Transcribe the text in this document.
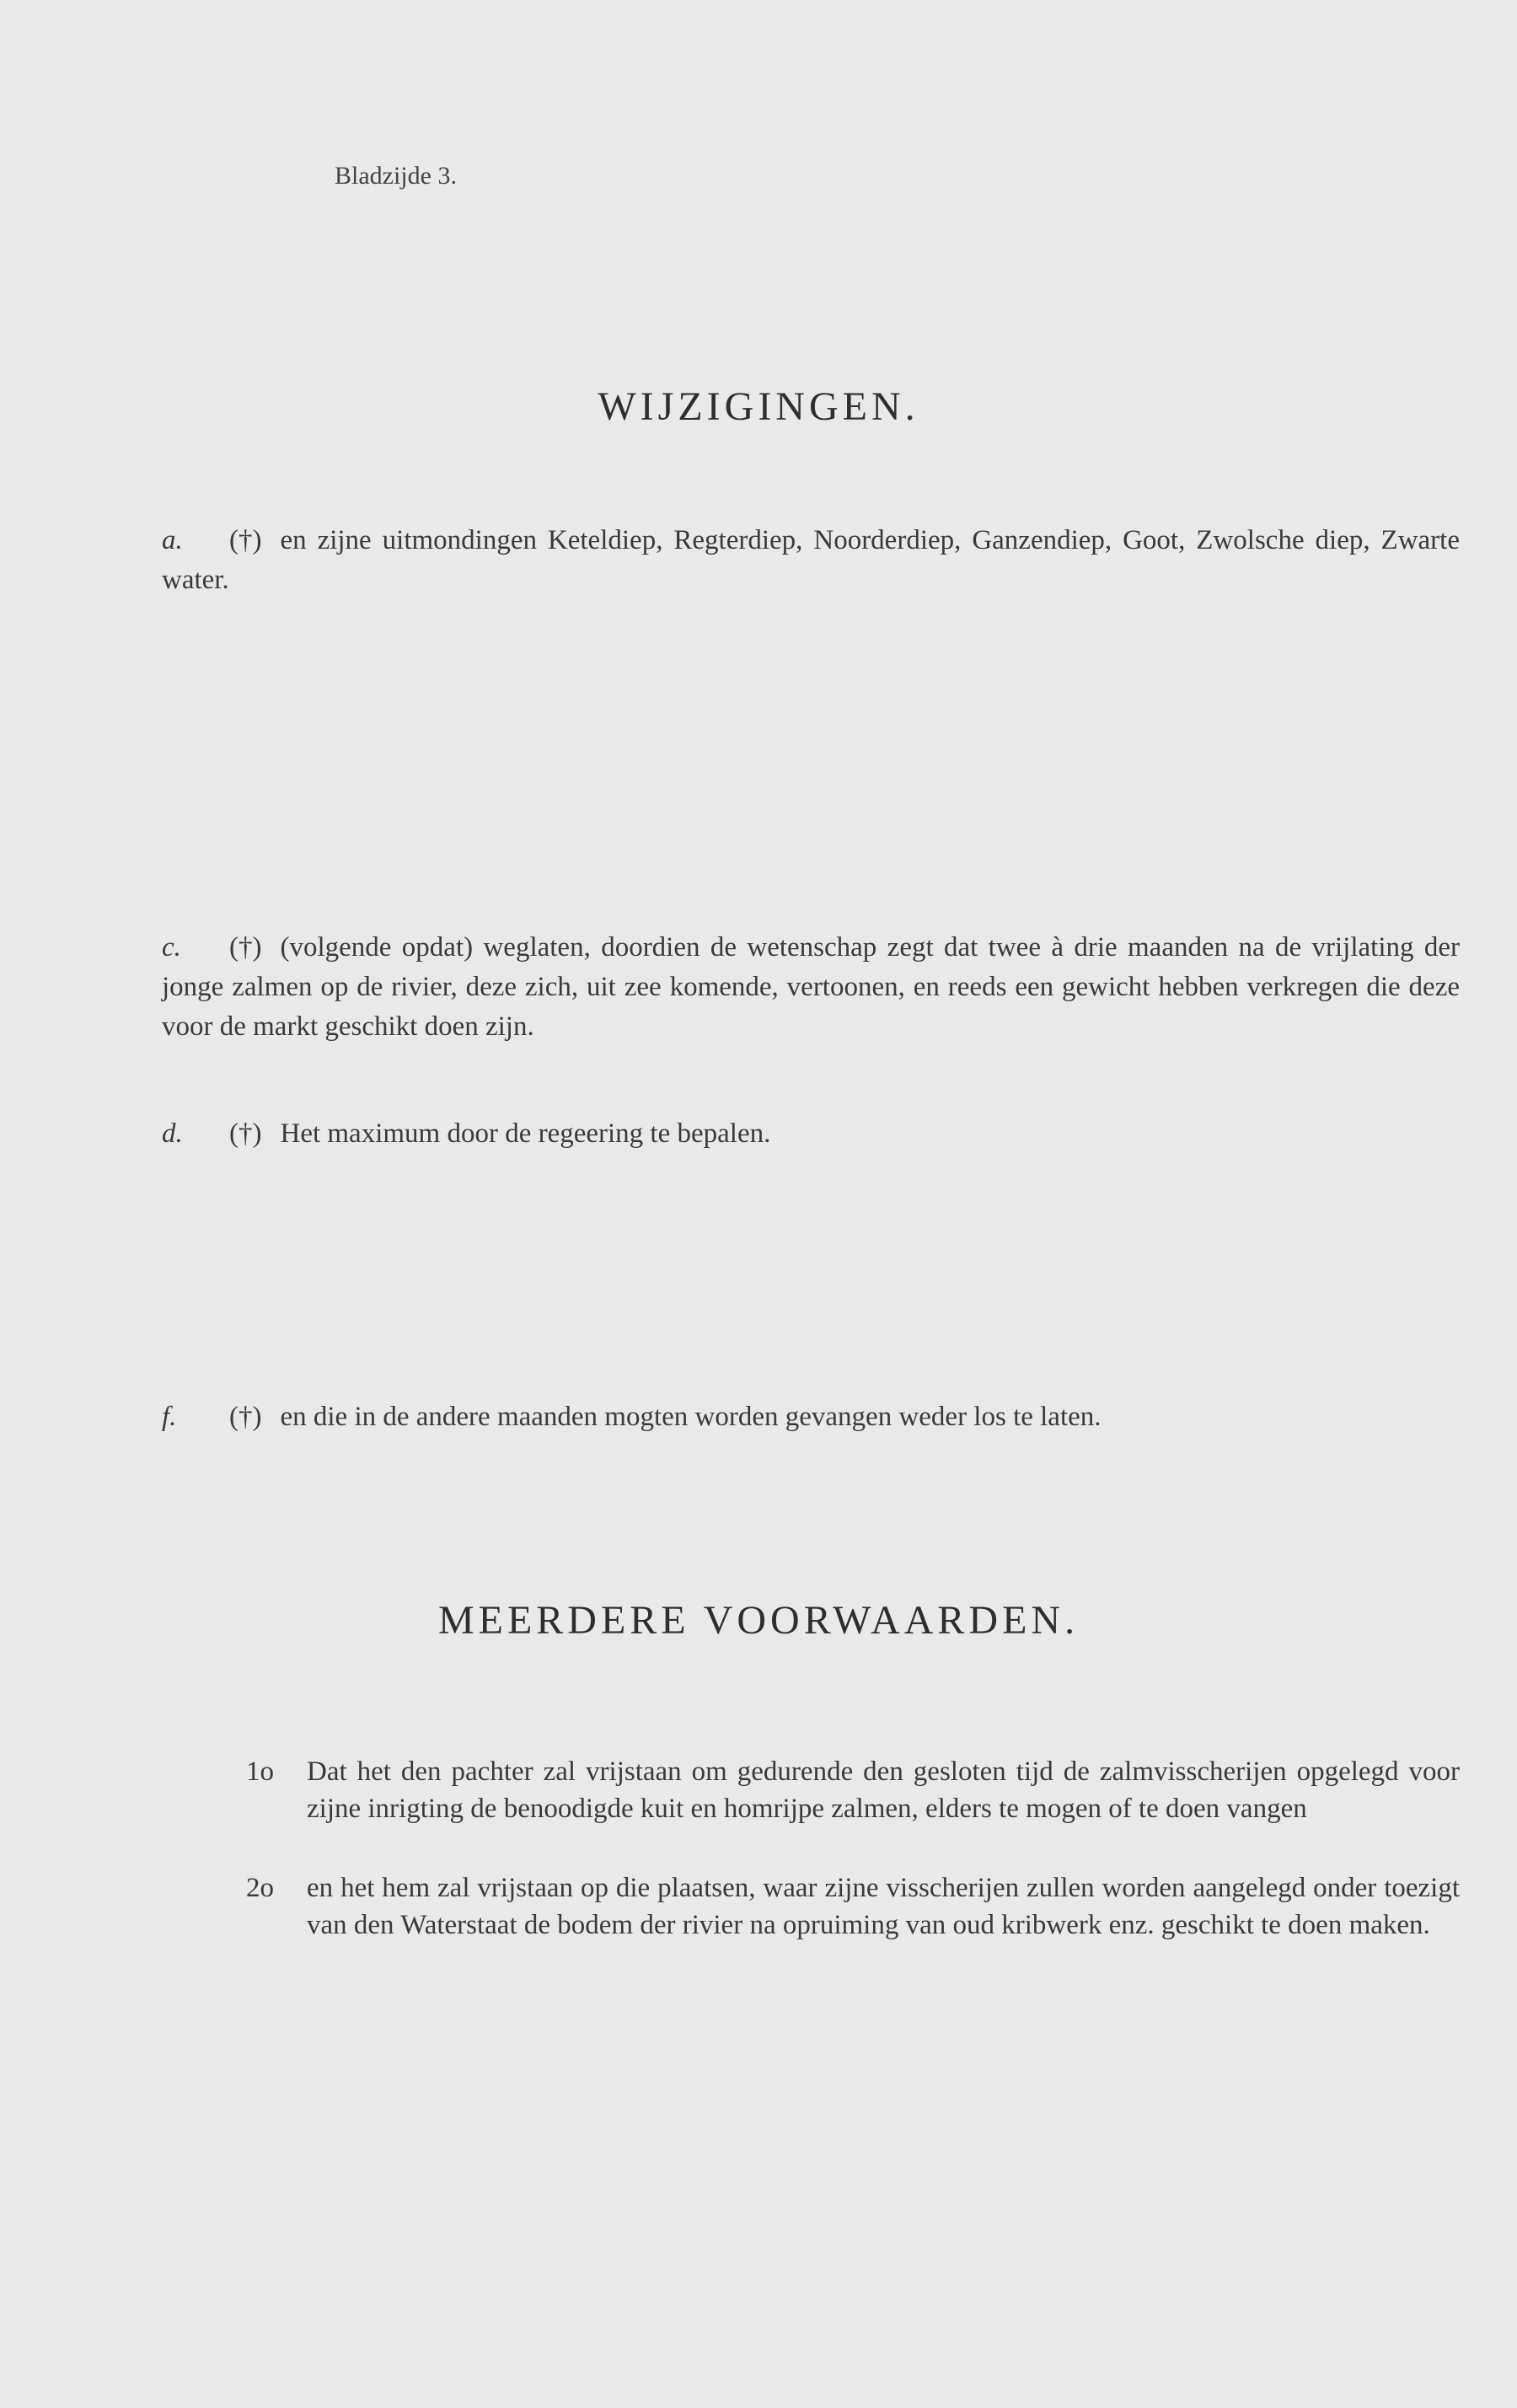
Bladzijde 3.
WIJZIGINGEN.
a. (†) en zijne uitmondingen Keteldiep, Regterdiep, Noorderdiep, Ganzendiep, Goot, Zwolsche diep, Zwarte water.
c. (†) (volgende opdat) weglaten, doordien de wetenschap zegt dat twee à drie maanden na de vrijlating der jonge zalmen op de rivier, deze zich, uit zee komende, vertoonen, en reeds een gewicht hebben verkregen die deze voor de markt geschikt doen zijn.
d. (†) Het maximum door de regeering te bepalen.
f. (†) en die in de andere maanden mogten worden gevangen weder los te laten.
MEERDERE VOORWAARDEN.
1o	Dat het den pachter zal vrijstaan om gedurende den gesloten tijd de zalmvisscherijen opgelegd voor zijne inrigting de benoodigde kuit en homrijpe zalmen, elders te mogen of te doen vangen
2o	en het hem zal vrijstaan op die plaatsen, waar zijne visscherijen zullen worden aangelegd onder toezigt van den Waterstaat de bodem der rivier na opruiming van oud kribwerk enz. geschikt te doen maken.
